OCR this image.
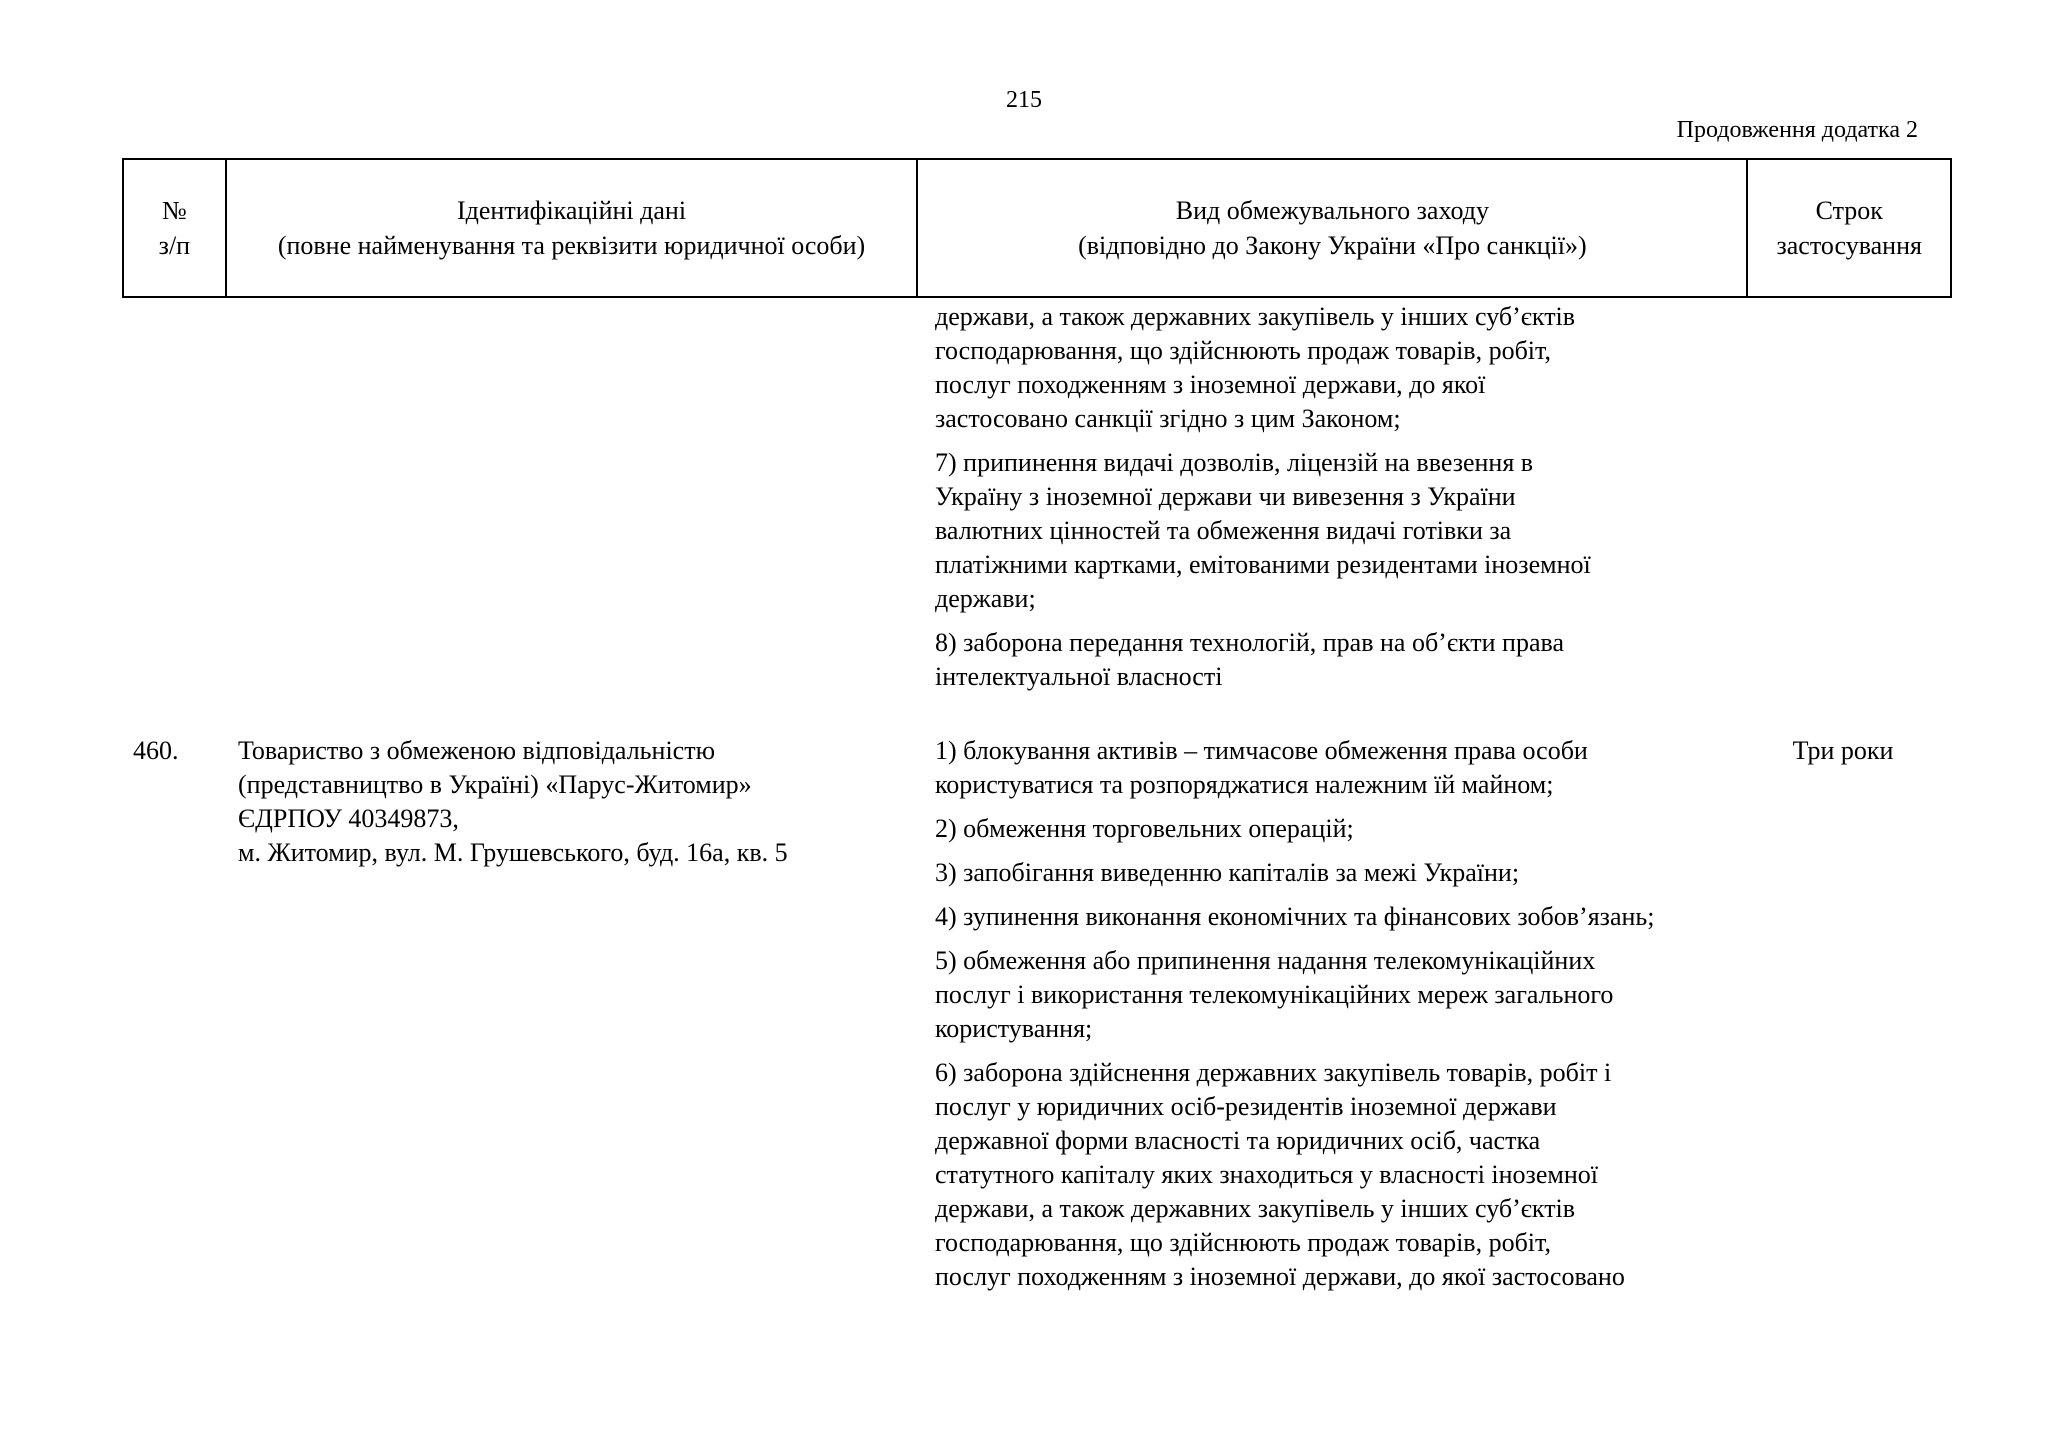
215
Продовження додатка 2
№
з/п
Ідентифікаційні дані
(повне найменування та реквізити юридичної особи)
Вид обмежувального заходу
(відповідно до Закону України «Про санкції»)
Строк
застосування
держави, а також державних закупівель у інших суб’єктів
господарювання, що здійснюють продаж товарів, робіт,
послуг походженням з іноземної держави, до якої
застосовано санкції згідно з цим Законом;
7) припинення видачі дозволів, ліцензій на ввезення в
Україну з іноземної держави чи вивезення з України
валютних цінностей та обмеження видачі готівки за
платіжними картками, емітованими резидентами іноземної
держави;
8) заборона передання технологій, прав на об’єкти права
інтелектуальної власності
460. Товариство з обмеженою відповідальністю
(представництво в Україні) «Парус-Житомир»
ЄДРПОУ 40349873,
м. Житомир, вул. М. Грушевського, буд. 16а, кв. 5
Три роки
1) блокування активів – тимчасове обмеження права особи
користуватися та розпоряджатися належним їй майном;
2) обмеження торговельних операцій;
3) запобігання виведенню капіталів за межі України;
4) зупинення виконання економічних та фінансових зобов’язань;
5) обмеження або припинення надання телекомунікаційних
послуг і використання телекомунікаційних мереж загального
користування;
6) заборона здійснення державних закупівель товарів, робіт і
послуг у юридичних осіб-резидентів іноземної держави
державної форми власності та юридичних осіб, частка
статутного капіталу яких знаходиться у власності іноземної
держави, а також державних закупівель у інших суб’єктів
господарювання, що здійснюють продаж товарів, робіт,
послуг походженням з іноземної держави, до якої застосовано
